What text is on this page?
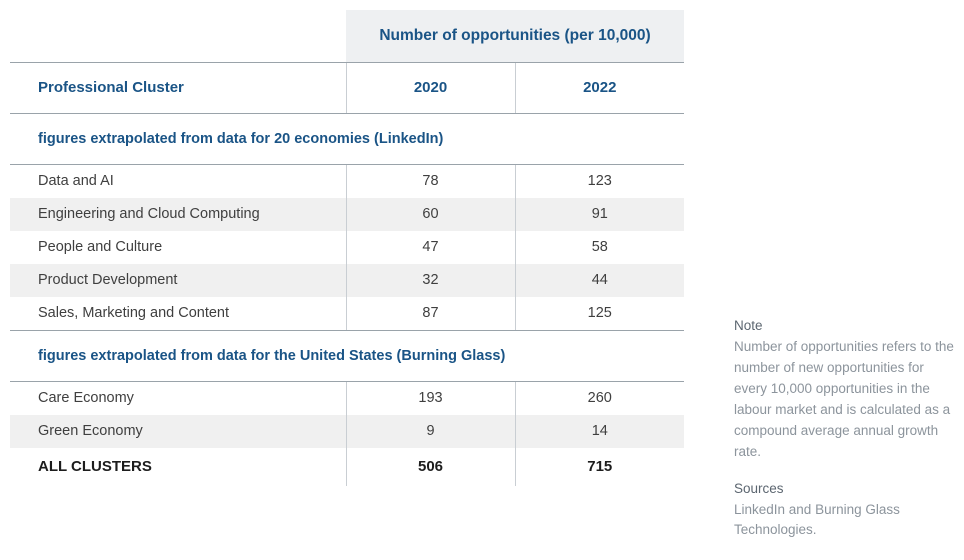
	Number of opportunities (per 10,000)	
Professional Cluster	2020	2022
figures extrapolated from data for 20 economies (LinkedIn)		
Data and AI	78	123
Engineering and Cloud Computing	60	91
People and Culture	47	58
Product Development	32	44
Sales, Marketing and Content	87	125
figures extrapolated from data for the United States (Burning Glass)		
Care Economy	193	260
Green Economy	9	14
ALL CLUSTERS	506	715
Note
Number of opportunities refers to the number of new opportunities for every 10,000 opportunities in the labour market and is calculated as a compound average annual growth rate.
Sources
LinkedIn and Burning Glass Technologies.
